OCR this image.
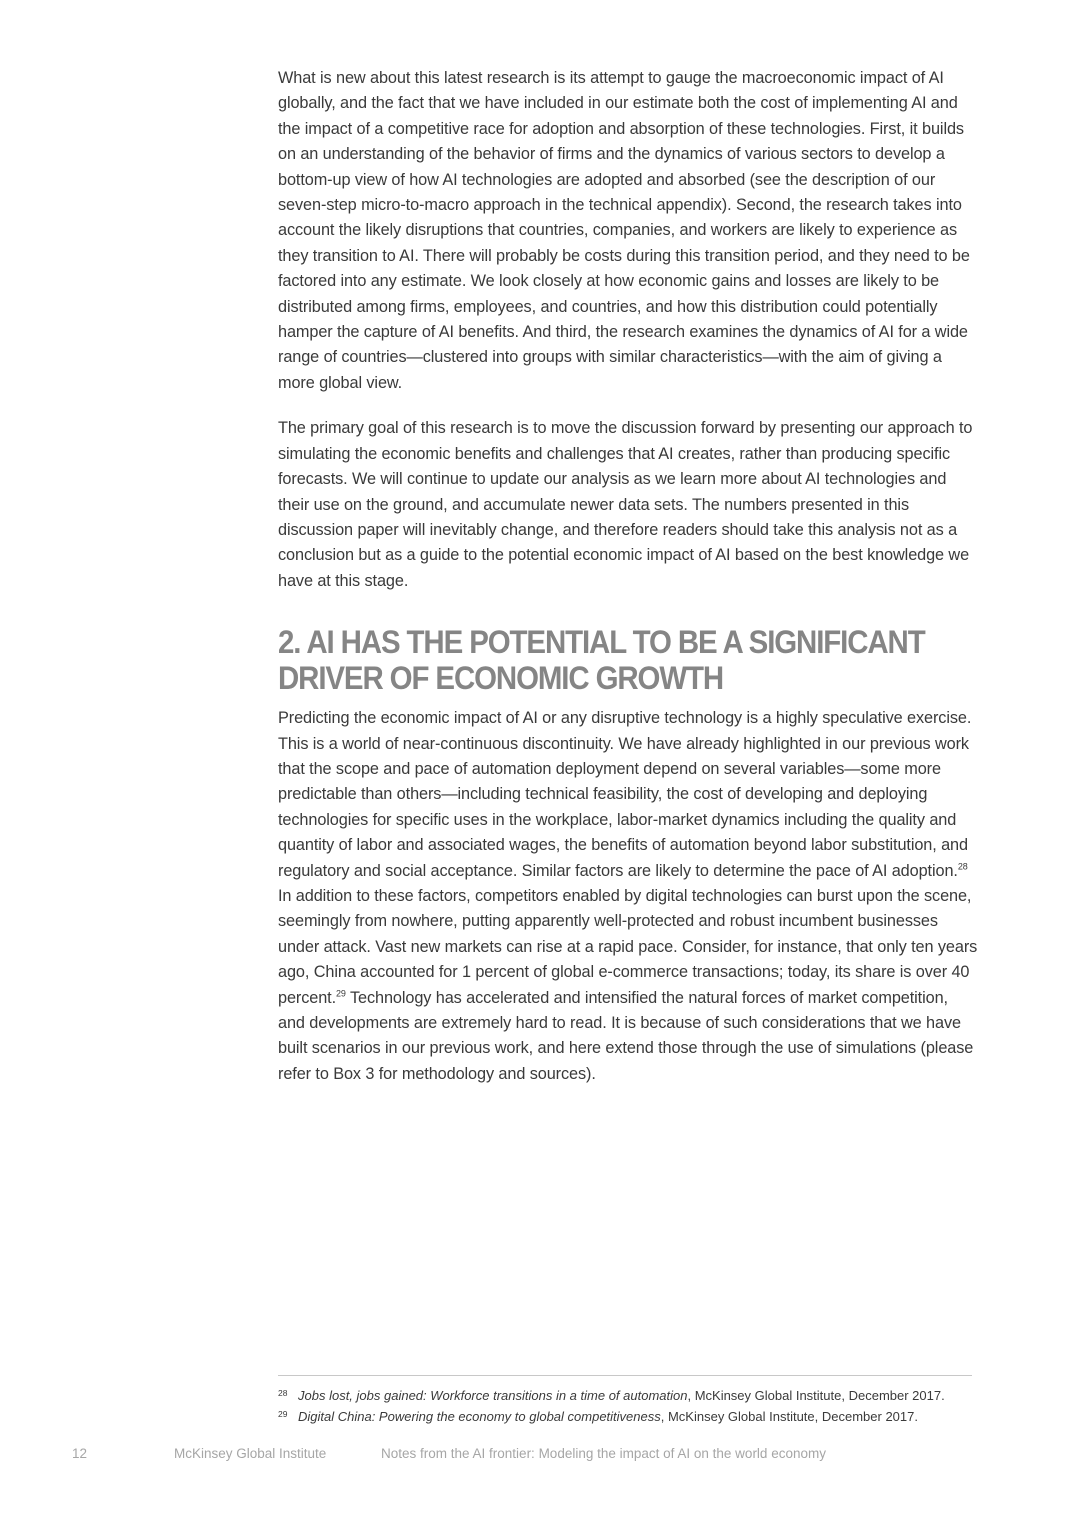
What is new about this latest research is its attempt to gauge the macroeconomic impact of AI globally, and the fact that we have included in our estimate both the cost of implementing AI and the impact of a competitive race for adoption and absorption of these technologies. First, it builds on an understanding of the behavior of firms and the dynamics of various sectors to develop a bottom-up view of how AI technologies are adopted and absorbed (see the description of our seven-step micro-to-macro approach in the technical appendix). Second, the research takes into account the likely disruptions that countries, companies, and workers are likely to experience as they transition to AI. There will probably be costs during this transition period, and they need to be factored into any estimate. We look closely at how economic gains and losses are likely to be distributed among firms, employees, and countries, and how this distribution could potentially hamper the capture of AI benefits. And third, the research examines the dynamics of AI for a wide range of countries—clustered into groups with similar characteristics—with the aim of giving a more global view.

The primary goal of this research is to move the discussion forward by presenting our approach to simulating the economic benefits and challenges that AI creates, rather than producing specific forecasts. We will continue to update our analysis as we learn more about AI technologies and their use on the ground, and accumulate newer data sets. The numbers presented in this discussion paper will inevitably change, and therefore readers should take this analysis not as a conclusion but as a guide to the potential economic impact of AI based on the best knowledge we have at this stage.

2. AI HAS THE POTENTIAL TO BE A SIGNIFICANT DRIVER OF ECONOMIC GROWTH

Predicting the economic impact of AI or any disruptive technology is a highly speculative exercise. This is a world of near-continuous discontinuity. We have already highlighted in our previous work that the scope and pace of automation deployment depend on several variables—some more predictable than others—including technical feasibility, the cost of developing and deploying technologies for specific uses in the workplace, labor-market dynamics including the quality and quantity of labor and associated wages, the benefits of automation beyond labor substitution, and regulatory and social acceptance. Similar factors are likely to determine the pace of AI adoption.$^{28}$ In addition to these factors, competitors enabled by digital technologies can burst upon the scene, seemingly from nowhere, putting apparently well-protected and robust incumbent businesses under attack. Vast new markets can rise at a rapid pace. Consider, for instance, that only ten years ago, China accounted for 1 percent of global e-commerce transactions; today, its share is over 40 percent.$^{29}$ Technology has accelerated and intensified the natural forces of market competition, and developments are extremely hard to read. It is because of such considerations that we have built scenarios in our previous work, and here extend those through the use of simulations (please refer to Box 3 for methodology and sources).

28 Jobs lost, jobs gained: Workforce transitions in a time of automation, McKinsey Global Institute, December 2017.
29 Digital China: Powering the economy to global competitiveness, McKinsey Global Institute, December 2017.
12	McKinsey Global Institute	Notes from the AI frontier: Modeling the impact of AI on the world economy
